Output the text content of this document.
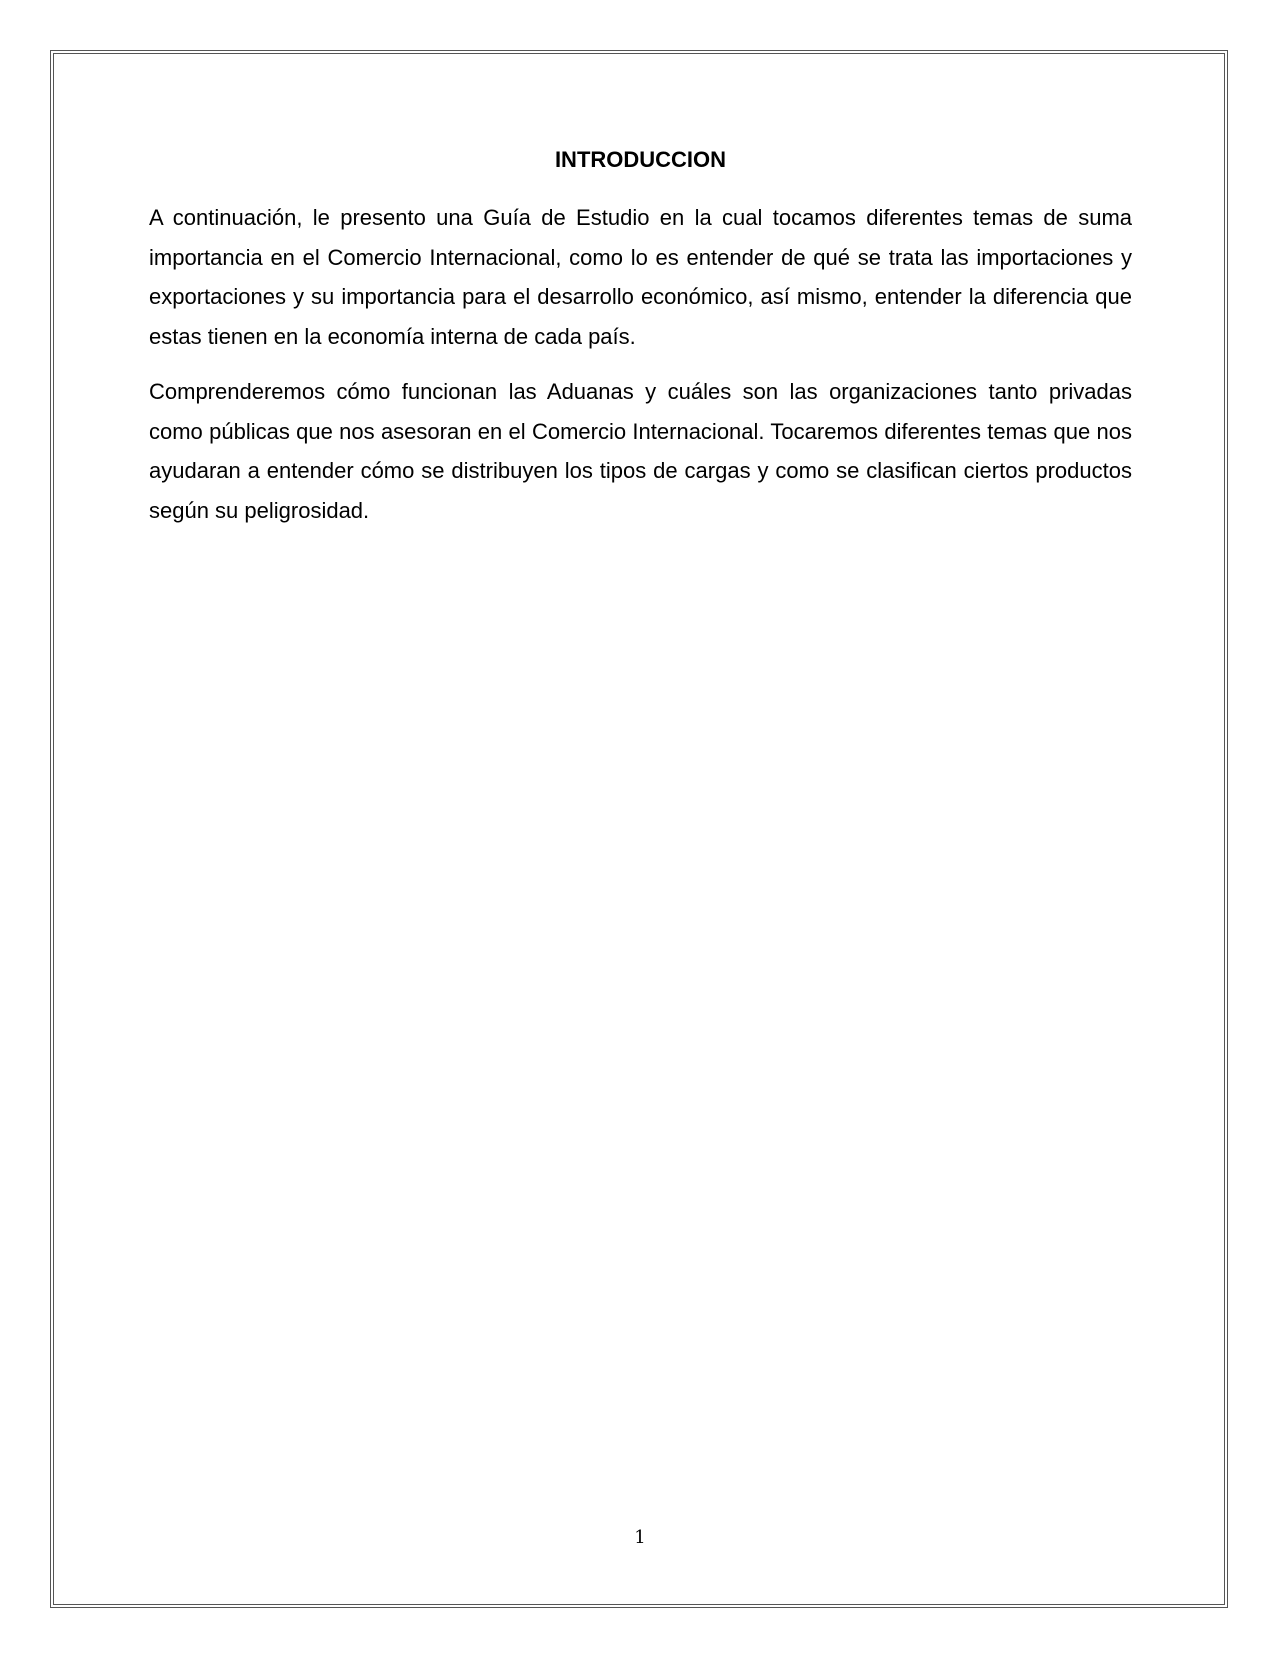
INTRODUCCION

A continuación, le presento una Guía de Estudio en la cual tocamos diferentes temas de suma importancia en el Comercio Internacional, como lo es entender de qué se trata las importaciones y exportaciones y su importancia para el desarrollo económico, así mismo, entender la diferencia que estas tienen en la economía interna de cada país.

Comprenderemos cómo funcionan las Aduanas y cuáles son las organizaciones tanto privadas como públicas que nos asesoran en el Comercio Internacional. Tocaremos diferentes temas que nos ayudaran a entender cómo se distribuyen los tipos de cargas y como se clasifican ciertos productos según su peligrosidad.

1
